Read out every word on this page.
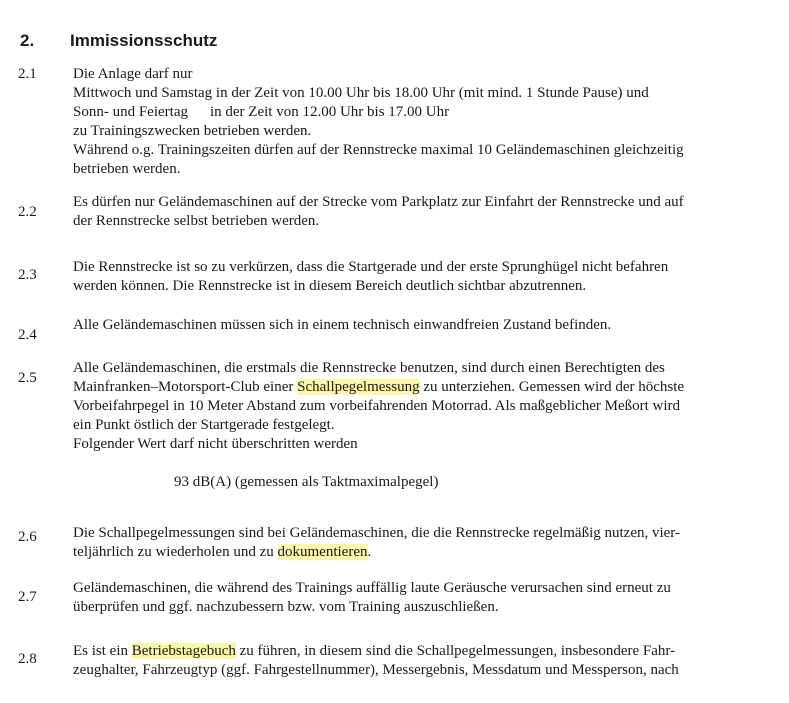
2. Immissionsschutz
2.1 Die Anlage darf nur
Mittwoch und Samstag in der Zeit von 10.00 Uhr bis 18.00 Uhr (mit mind. 1 Stunde Pause) und
Sonn- und Feiertag in der Zeit von 12.00 Uhr bis 17.00 Uhr
zu Trainingszwecken betrieben werden.
Während o.g. Trainingszeiten dürfen auf der Rennstrecke maximal 10 Geländemaschinen gleichzeitig
betrieben werden.
2.2
Es dürfen nur Geländemaschinen auf der Strecke vom Parkplatz zur Einfahrt der Rennstrecke und auf
der Rennstrecke selbst betrieben werden.
2.3 Die Rennstrecke ist so zu verkürzen, dass die Startgerade und der erste Sprunghügel nicht befahren
werden können. Die Rennstrecke ist in diesem Bereich deutlich sichtbar abzutrennen.
2.4
Alle Geländemaschinen müssen sich in einem technisch einwandfreien Zustand befinden.
2.5
Alle Geländemaschinen, die erstmals die Rennstrecke benutzen, sind durch einen Berechtigten des
Mainfranken–Motorsport-Club einer Schallpegelmessung zu unterziehen. Gemessen wird der höchste
Vorbeifahrpegel in 10 Meter Abstand zum vorbeifahrenden Motorrad. Als maßgeblicher Meßort wird
ein Punkt östlich der Startgerade festgelegt.
Folgender Wert darf nicht überschritten werden
93 dB(A) (gemessen als Taktmaximalpegel)
2.6 Die Schallpegelmessungen sind bei Geländemaschinen, die die Rennstrecke regelmäßig nutzen, vier-
teljährlich zu wiederholen und zu dokumentieren.
2.7
Geländemaschinen, die während des Trainings auffällig laute Geräusche verursachen sind erneut zu
überprüfen und ggf. nachzubessern bzw. vom Training auszuschließen.
2.8 Es ist ein Betriebstagebuch zu führen, in diesem sind die Schallpegelmessungen, insbesondere Fahr-
zeughalter, Fahrzeugtyp (ggf. Fahrgestellnummer), Messergebnis, Messdatum und Messperson, nach
